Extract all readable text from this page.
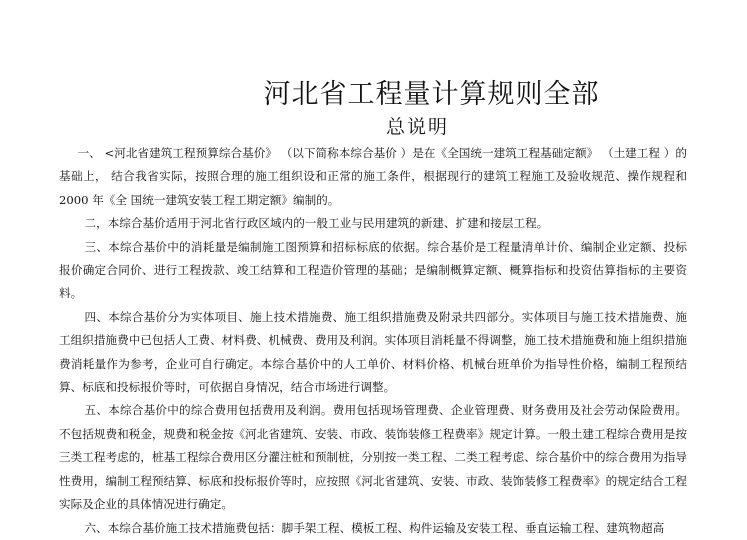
河北省工程量计算规则全部
总说明

一、 <河北省建筑工程预算综合基价》 （以下简称本综合基价 ）是在《全国统一建筑工程基础定额》 （土建工程 ）的基础上， 结合我省实际，按照合理的施工组织设和正常的施工条件，根据现行的建筑工程施工及验收规范、操作规程和 2000 年《全 国统一建筑安装工程工期定额》编制的。

二，本综合基价适用于河北省行政区域内的一般工业与民用建筑的新建、扩建和接层工程。

三、本综合基价中的消耗量是编制施工图预算和招标标底的依据。综合基价是工程量清单计价、编制企业定额、投标报价确定合同价、进行工程拨款、竣工结算和工程造价管理的基础；是编制概算定额、概算指标和投资估算指标的主要资料。

四、本综合基价分为实体项目、施上技术措施费、施工组织措施费及附录共四部分。实体项目与施工技术措施费、施工组织措施费中已包括人工费、材料费、机械费、费用及利润。实体项目消耗量不得调整，施工技术措施费和施上组织措施费消耗量作为参考，企业可自行确定。本综合基价中的人工单价、材料价格、机械台班单价为指导性价格，编制工程预结算、标底和投标报价等时，可依据自身情况，结合市场进行调整。

五、本综合基价中的综合费用包括费用及利润。费用包括现场管理费、企业管理费、财务费用及社会劳动保险费用。不包括规费和税金，规费和税金按《河北省建筑、安装、市政、装饰装修工程费率》规定计算。一般土建工程综合费用是按三类工程考虑的，桩基工程综合费用区分灌注桩和预制桩，分别按一类工程、二类工程考虑、综合基价中的综合费用为指导性费用，编制工程预结算、标底和投标报价等时，应按照《河北省建筑、安装、市政、装饰装修工程费率》的规定结合工程实际及企业的具体情况进行确定。

六、本综合基价施工技术措施费包括：脚手架工程、模板工程、构件运输及安装工程、垂直运输工程、建筑物超高
